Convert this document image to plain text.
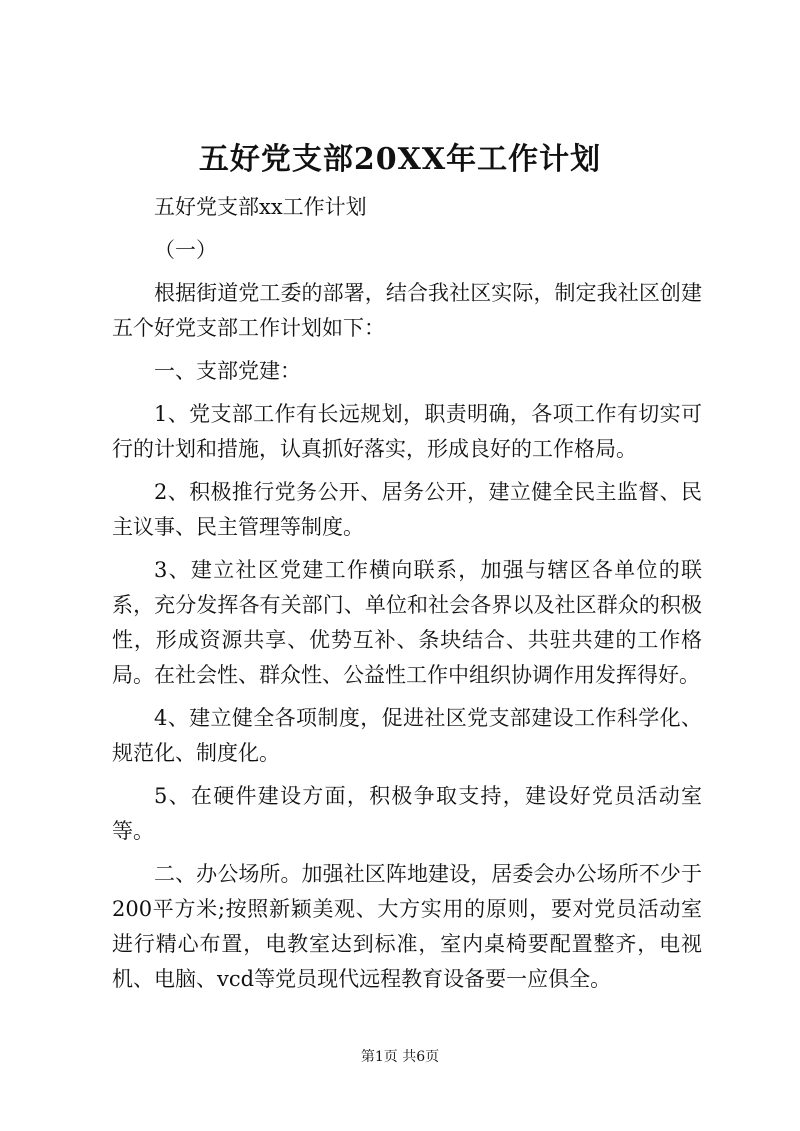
五好党支部20XX年工作计划

五好党支部xx工作计划

（一）

根据街道党工委的部署，结合我社区实际，制定我社区创建五个好党支部工作计划如下：

一、支部党建：

1、党支部工作有长远规划，职责明确，各项工作有切实可行的计划和措施，认真抓好落实，形成良好的工作格局。

2、积极推行党务公开、居务公开，建立健全民主监督、民主议事、民主管理等制度。

3、建立社区党建工作横向联系，加强与辖区各单位的联系，充分发挥各有关部门、单位和社会各界以及社区群众的积极性，形成资源共享、优势互补、条块结合、共驻共建的工作格局。在社会性、群众性、公益性工作中组织协调作用发挥得好。

4、建立健全各项制度，促进社区党支部建设工作科学化、规范化、制度化。

5、在硬件建设方面，积极争取支持，建设好党员活动室等。

二、办公场所。加强社区阵地建设，居委会办公场所不少于200平方米;按照新颖美观、大方实用的原则，要对党员活动室进行精心布置，电教室达到标准，室内桌椅要配置整齐，电视机、电脑、vcd等党员现代远程教育设备要一应俱全。

第1页 共6页
